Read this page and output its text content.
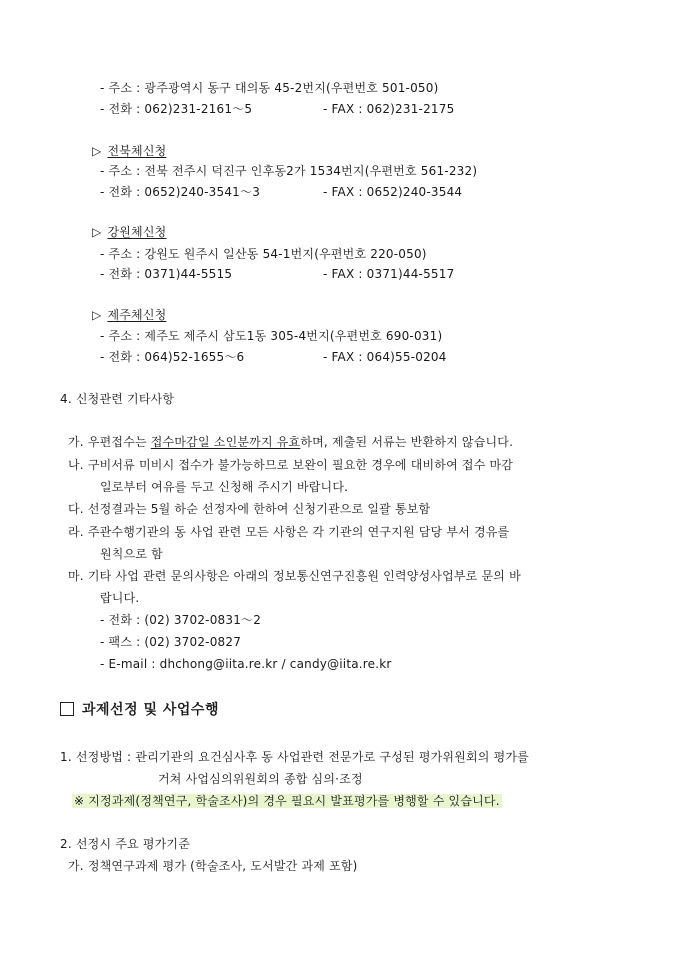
- 주소 : 광주광역시 동구 대의동 45-2번지(우편번호 501-050)
- 전화 : 062)231-2161～5	- FAX : 062)231-2175
▷ 전북체신청
- 주소 : 전북 전주시 덕진구 인후동2가 1534번지(우편번호 561-232)
- 전화 : 0652)240-3541～3	- FAX : 0652)240-3544
▷ 강원체신청
- 주소 : 강원도 원주시 일산동 54-1번지(우편번호 220-050)
- 전화 : 0371)44-5515	- FAX : 0371)44-5517
▷ 제주체신청
- 주소 : 제주도 제주시 삼도1동 305-4번지(우편번호 690-031)
- 전화 : 064)52-1655～6	- FAX : 064)55-0204
4. 신청관련 기타사항
가. 우편접수는 접수마감일 소인분까지 유효하며, 제출된 서류는 반환하지 않습니다.
나. 구비서류 미비시 접수가 불가능하므로 보완이 필요한 경우에 대비하여 접수 마감
일로부터 여유를 두고 신청해 주시기 바랍니다.
다. 선정결과는 5월 하순 선정자에 한하여 신청기관으로 일괄 통보함
라. 주관수행기관의 동 사업 관련 모든 사항은 각 기관의 연구지원 담당 부서 경유를
원칙으로 함
마. 기타 사업 관련 문의사항은 아래의 정보통신연구진흥원 인력양성사업부로 문의 바
랍니다.
- 전화 : (02) 3702-0831～2
- 팩스 : (02) 3702-0827
- E-mail : dhchong@iita.re.kr / candy@iita.re.kr
과제선정 및 사업수행
1. 선정방법 : 관리기관의 요건심사후 동 사업관련 전문가로 구성된 평가위원회의 평가를
거쳐 사업심의위원회의 종합 심의·조정
※ 지정과제(정책연구, 학술조사)의 경우 필요시 발표평가를 병행할 수 있습니다.
2. 선정시 주요 평가기준
가. 정책연구과제 평가 (학술조사, 도서발간 과제 포함)
